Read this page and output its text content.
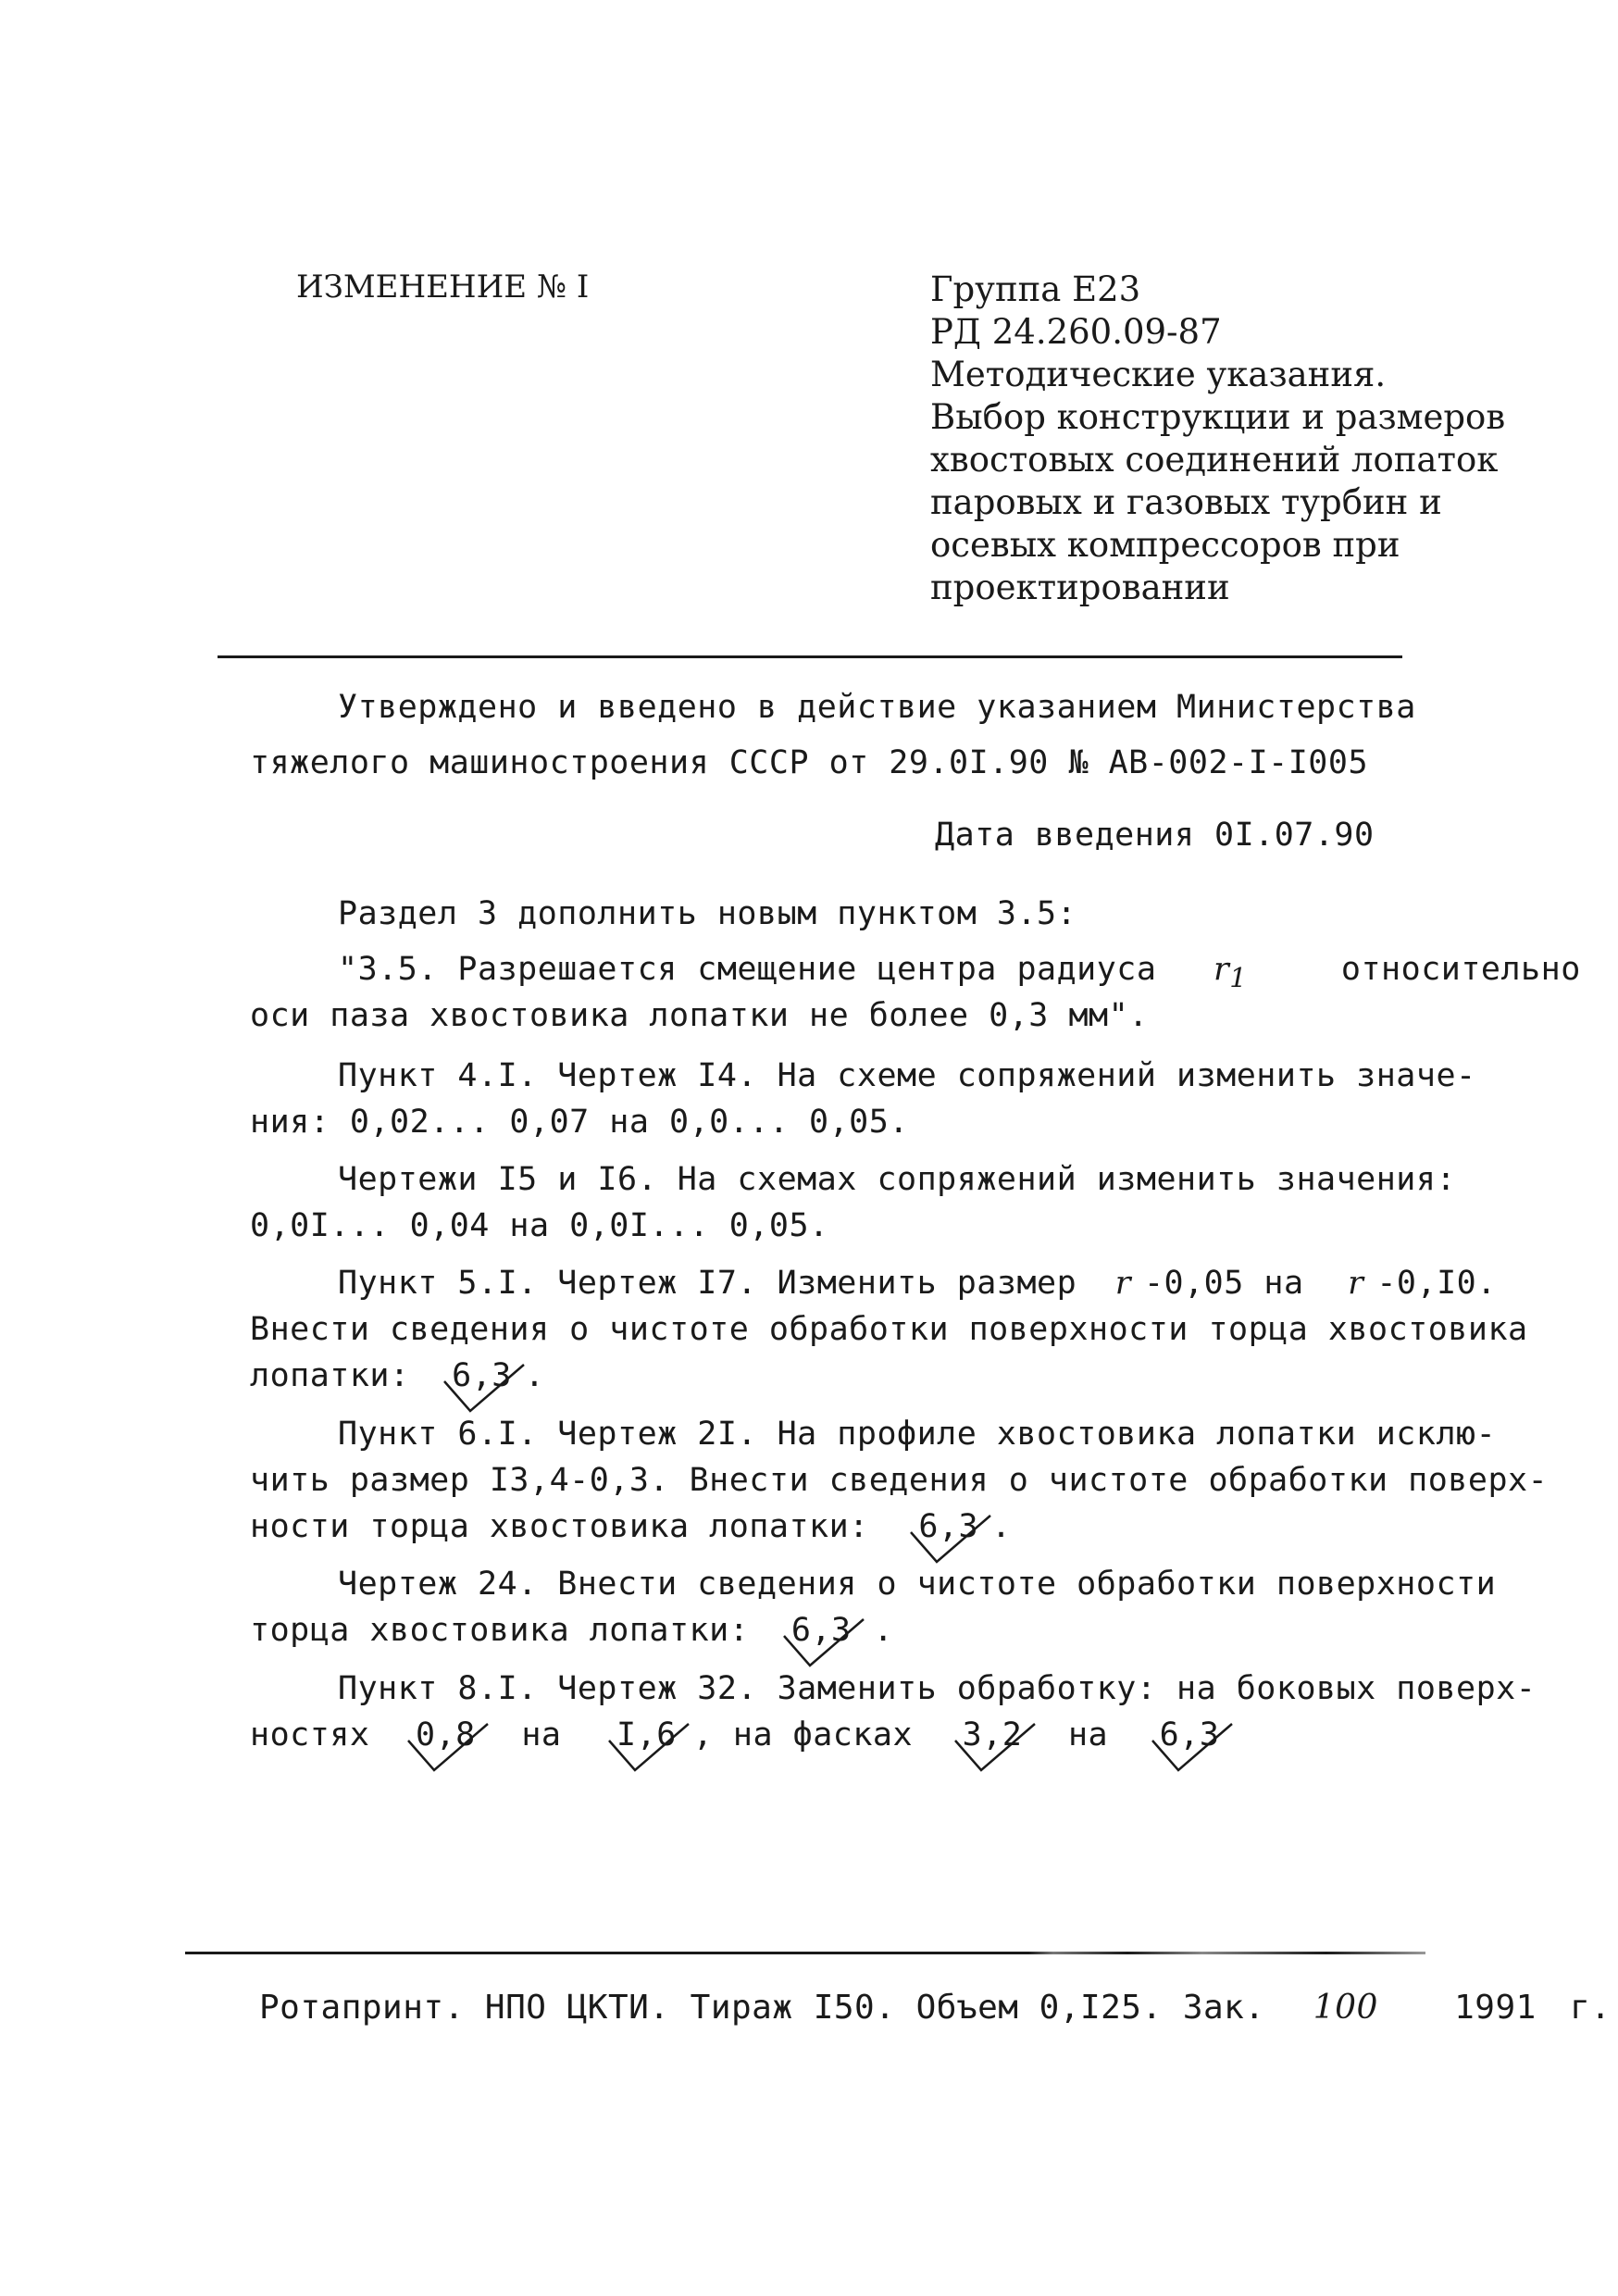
ИЗМЕНЕНИЕ № I	Группа Е23
РД 24.260.09-87
Методические указания.
Выбор конструкции и размеров
хвостовых соединений лопаток
паровых и газовых турбин и
осевых компрессоров при
проектировании
Утверждено и введено в действие указанием Министерства
тяжелого машиностроения СССР от 29.0I.90 № АВ-002-I-I005
Дата введения 0I.07.90
Раздел 3 дополнить новым пунктом 3.5:
"3.5. Разрешается смещение центра радиуса $r_1$	относительно
оси паза хвостовика лопатки не более 0,3 мм".
Пункт 4.I. Чертеж I4. На схеме сопряжений изменить значе-
ния: 0,02... 0,07 на 0,0... 0,05.
Чертежи I5 и I6. На схемах сопряжений изменить значения:
0,0I... 0,04 на 0,0I... 0,05.
Пункт 5.I. Чертеж I7. Изменить размер r -0,05 на r -0,I0.
Внести сведения о чистоте обработки поверхности торца хвостовика
лопатки: 6,3 .
Пункт 6.I. Чертеж 2I. На профиле хвостовика лопатки исклю-
чить размер I3,4-0,3. Внести сведения о чистоте обработки поверх-
ности торца хвостовика лопатки: 6,3 .
Чертеж 24. Внести сведения о чистоте обработки поверхности
торца хвостовика лопатки: 6,3 .
Пункт 8.I. Чертеж 32. Заменить обработку: на боковых поверх-
ностях 0,8 на I,6 , на фасках 3,2 на 6,3
Ротапринт. НПО ЦКТИ. Тираж I50. Объем 0,I25. Зак. 100 1991 г.
